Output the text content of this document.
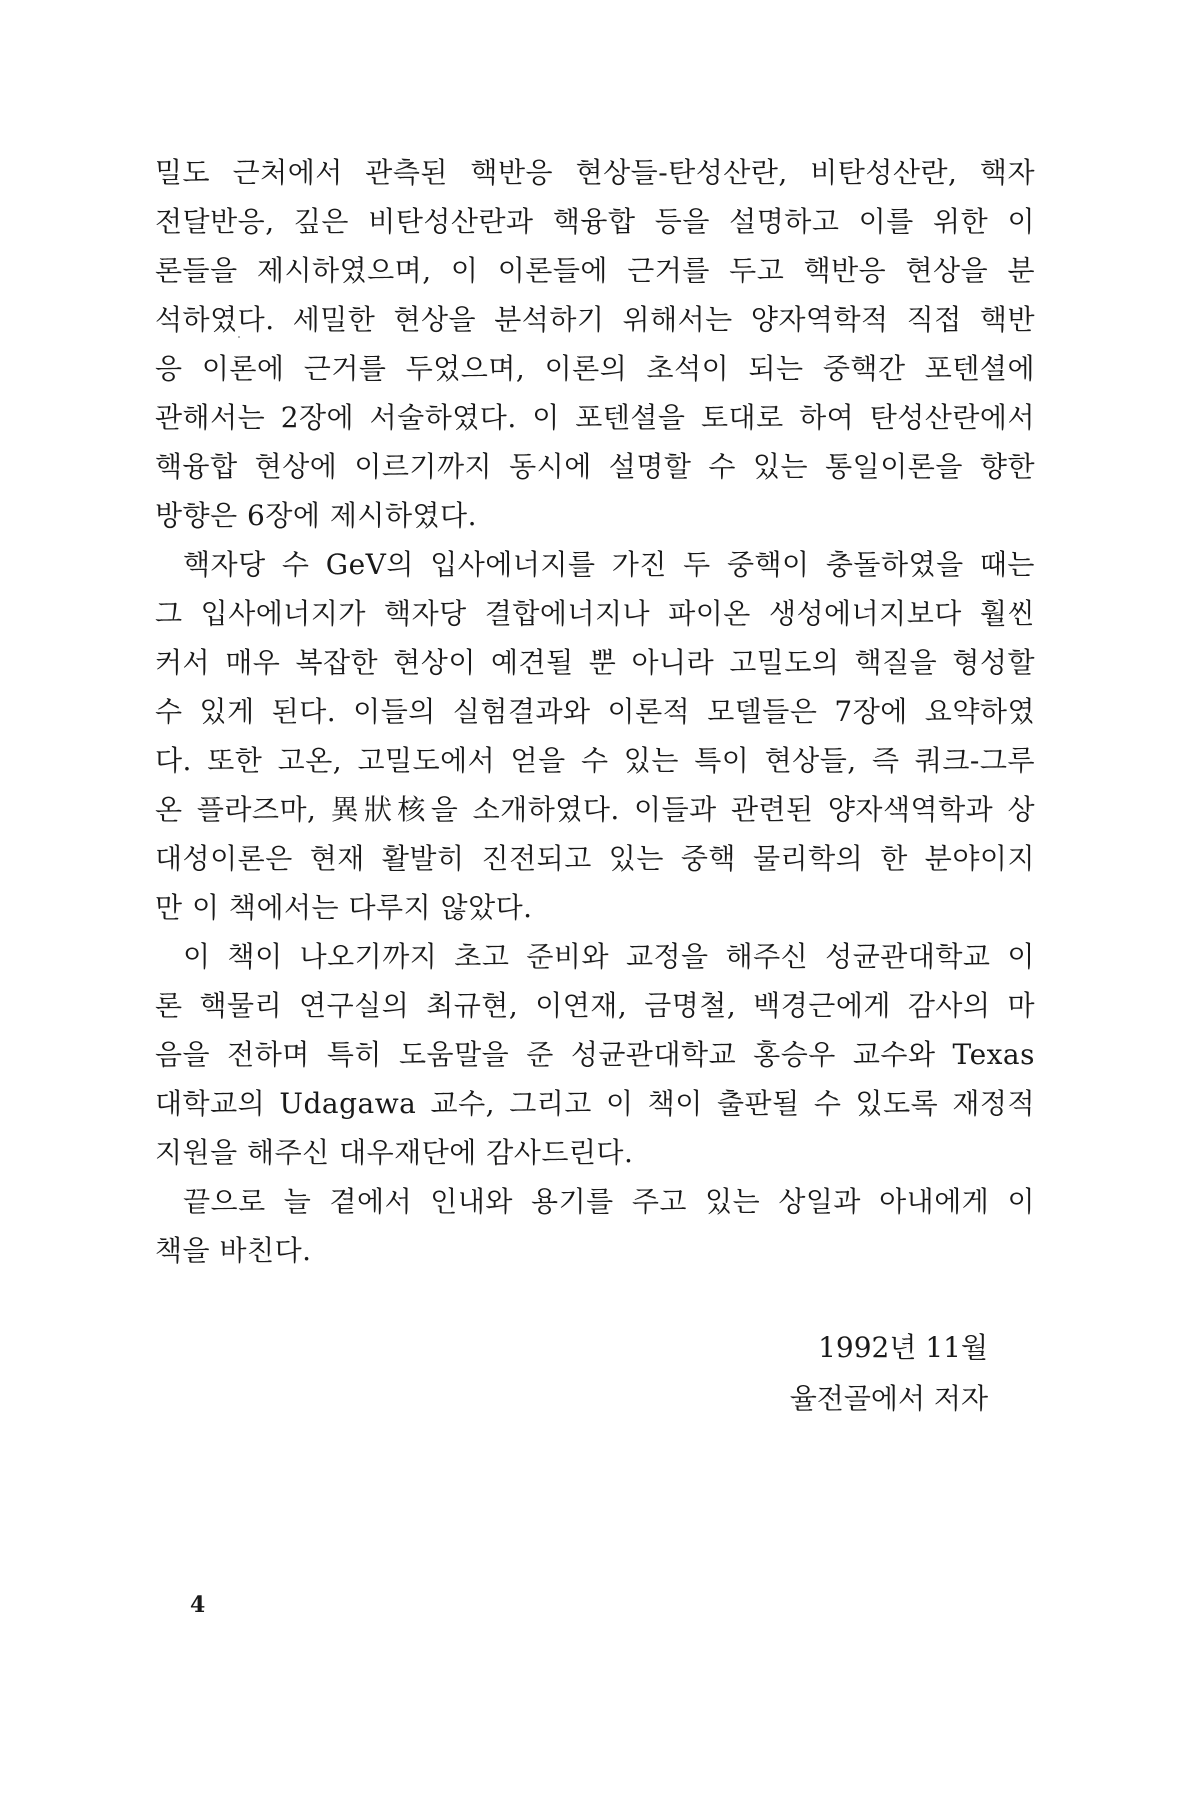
밀도 근처에서 관측된 핵반응 현상들-탄성산란, 비탄성산란, 핵자
전달반응, 깊은 비탄성산란과 핵융합 등을 설명하고 이를 위한 이
론들을 제시하였으며, 이 이론들에 근거를 두고 핵반응 현상을 분
석하였다. 세밀한 현상을 분석하기 위해서는 양자역학적 직접 핵반
응 이론에 근거를 두었으며, 이론의 초석이 되는 중핵간 포텐셜에
관해서는 2장에 서술하였다. 이 포텐셜을 토대로 하여 탄성산란에서
핵융합 현상에 이르기까지 동시에 설명할 수 있는 통일이론을 향한
방향은 6장에 제시하였다.
핵자당 수 GeV의 입사에너지를 가진 두 중핵이 충돌하였을 때는
그 입사에너지가 핵자당 결합에너지나 파이온 생성에너지보다 훨씬
커서 매우 복잡한 현상이 예견될 뿐 아니라 고밀도의 핵질을 형성할
수 있게 된다. 이들의 실험결과와 이론적 모델들은 7장에 요약하였
다. 또한 고온, 고밀도에서 얻을 수 있는 특이 현상들, 즉 쿼크-그루
온 플라즈마, 異狀核을 소개하였다. 이들과 관련된 양자색역학과 상
대성이론은 현재 활발히 진전되고 있는 중핵 물리학의 한 분야이지
만 이 책에서는 다루지 않았다.
이 책이 나오기까지 초고 준비와 교정을 해주신 성균관대학교 이
론 핵물리 연구실의 최규현, 이연재, 금명철, 백경근에게 감사의 마
음을 전하며 특히 도움말을 준 성균관대학교 홍승우 교수와 Texas
대학교의 Udagawa 교수, 그리고 이 책이 출판될 수 있도록 재정적
지원을 해주신 대우재단에 감사드린다.
끝으로 늘 곁에서 인내와 용기를 주고 있는 상일과 아내에게 이
책을 바친다.
1992년 11월
율전골에서 저자
4
